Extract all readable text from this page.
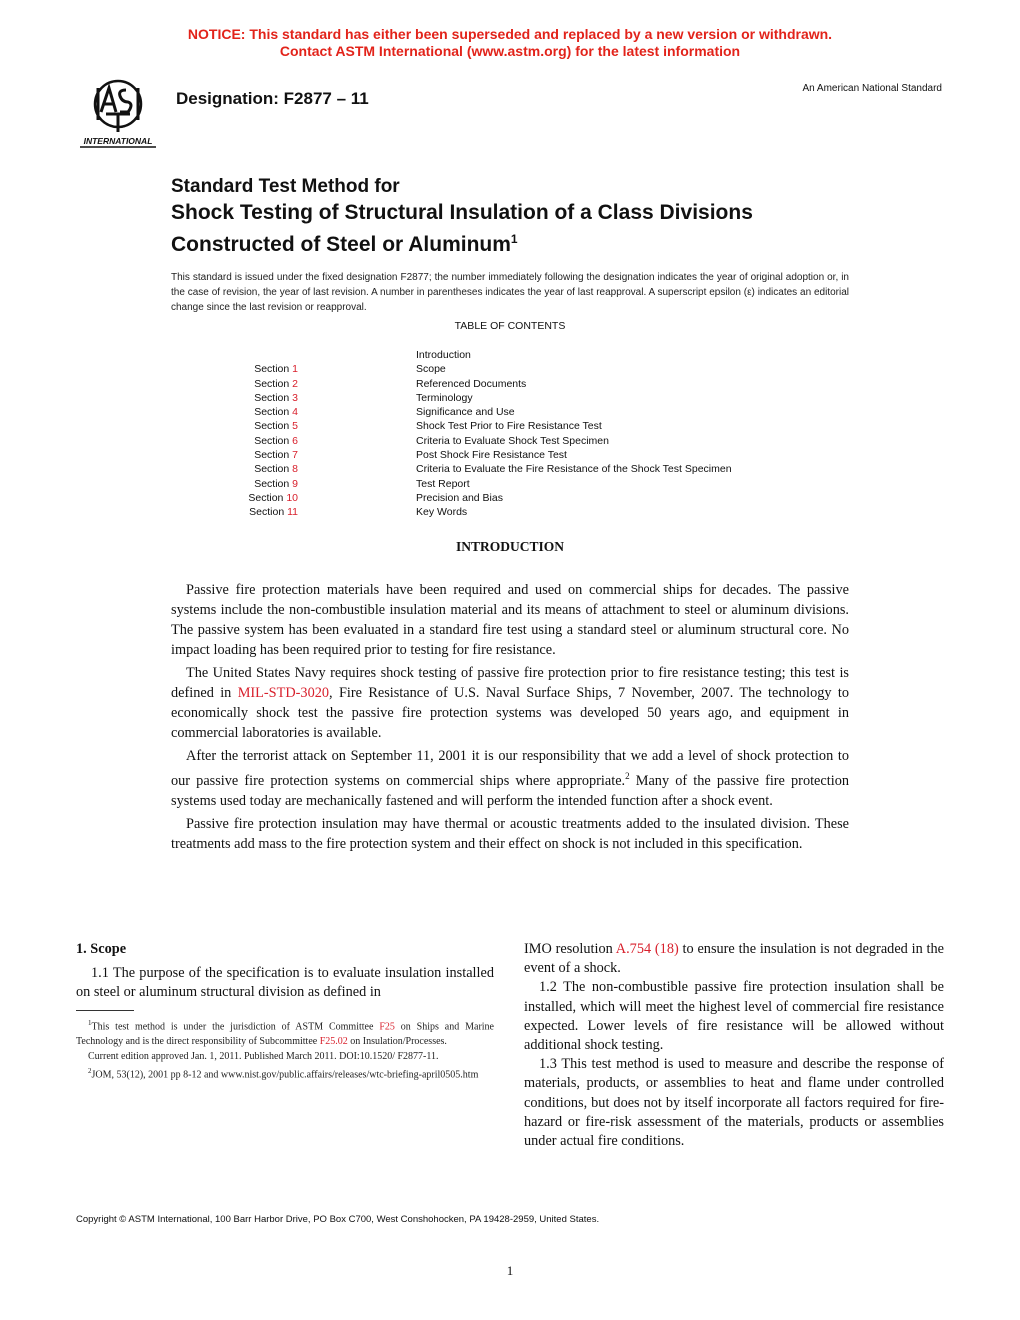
NOTICE: This standard has either been superseded and replaced by a new version or withdrawn.
Contact ASTM International (www.astm.org) for the latest information
INTERNATIONAL
Designation: F2877 – 11
An American National Standard
Standard Test Method for
Shock Testing of Structural Insulation of a Class Divisions
Constructed of Steel or Aluminum$^1$
This standard is issued under the fixed designation F2877; the number immediately following the designation indicates the year of original adoption or, in the case of revision, the year of last revision. A number in parentheses indicates the year of last reapproval. A superscript epsilon (ε) indicates an editorial change since the last revision or reapproval.
TABLE OF CONTENTS
Introduction
Section 1	Scope
Section 2	Referenced Documents
Section 3	Terminology
Section 4	Significance and Use
Section 5	Shock Test Prior to Fire Resistance Test
Section 6	Criteria to Evaluate Shock Test Specimen
Section 7	Post Shock Fire Resistance Test
Section 8	Criteria to Evaluate the Fire Resistance of the Shock Test Specimen
Section 9	Test Report
Section 10	Precision and Bias
Section 11	Key Words
INTRODUCTION

Passive fire protection materials have been required and used on commercial ships for decades. The passive systems include the non-combustible insulation material and its means of attachment to steel or aluminum divisions. The passive system has been evaluated in a standard fire test using a standard steel or aluminum structural core. No impact loading has been required prior to testing for fire resistance.

The United States Navy requires shock testing of passive fire protection prior to fire resistance testing; this test is defined in MIL-STD-3020, Fire Resistance of U.S. Naval Surface Ships, 7 November, 2007. The technology to economically shock test the passive fire protection systems was developed 50 years ago, and equipment in commercial laboratories is available.

After the terrorist attack on September 11, 2001 it is our responsibility that we add a level of shock protection to our passive fire protection systems on commercial ships where appropriate.$^2$ Many of the passive fire protection systems used today are mechanically fastened and will perform the intended function after a shock event.

Passive fire protection insulation may have thermal or acoustic treatments added to the insulated division. These treatments add mass to the fire protection system and their effect on shock is not included in this specification.

1. Scope

1.1 The purpose of the specification is to evaluate insulation installed on steel or aluminum structural division as defined in

$^1$This test method is under the jurisdiction of ASTM Committee F25 on Ships and Marine Technology and is the direct responsibility of Subcommittee F25.02 on Insulation/Processes.

Current edition approved Jan. 1, 2011. Published March 2011. DOI:10.1520/ F2877-11.

$^2$JOM, 53(12), 2001 pp 8-12 and www.nist.gov/public.affairs/releases/wtc-briefing-april0505.htm

IMO resolution A.754 (18) to ensure the insulation is not degraded in the event of a shock.

1.2 The non-combustible passive fire protection insulation shall be installed, which will meet the highest level of commercial fire resistance expected. Lower levels of fire resistance will be allowed without additional shock testing.

1.3 This test method is used to measure and describe the response of materials, products, or assemblies to heat and flame under controlled conditions, but does not by itself incorporate all factors required for fire-hazard or fire-risk assessment of the materials, products or assemblies under actual fire conditions.

Copyright © ASTM International, 100 Barr Harbor Drive, PO Box C700, West Conshohocken, PA 19428-2959, United States.
1
